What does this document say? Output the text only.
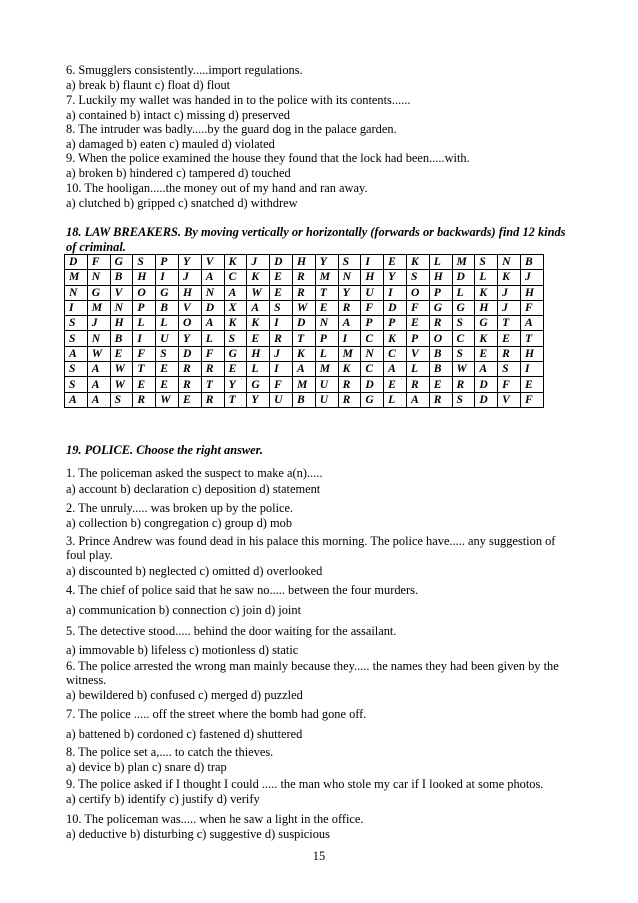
6. Smugglers consistently.....import regulations.
a) break b) flaunt c) float d) flout
7. Luckily my wallet was handed in to the police with its contents......
a) contained b) intact c) missing d) preserved
8. The intruder was badly.....by the guard dog in the palace garden.
a) damaged b) eaten c) mauled d) violated
9. When the police examined the house they found that the lock had been.....with.
a) broken b) hindered c) tampered d) touched
10. The hooligan.....the money out of my hand and ran away.
a) clutched b) gripped c) snatched d) withdrew
18. LAW BREAKERS. By moving vertically or horizontally (forwards or backwards) find 12 kinds of criminal.
D	F	G	S	P	Y	V	K	J	D	H	Y	S	I	E	K	L	M	S	N	B
M	N	B	H	I	J	A	C	K	E	R	M	N	H	Y	S	H	D	L	K	J
N	G	V	O	G	H	N	A	W	E	R	T	Y	U	I	O	P	L	K	J	H
I	M	N	P	B	V	D	X	A	S	W	E	R	F	D	F	G	G	H	J	F
S	J	H	L	L	O	A	K	K	I	D	N	A	P	P	E	R	S	G	T	A
S	N	B	I	U	Y	L	S	E	R	T	P	I	C	K	P	O	C	K	E	T
A	W	E	F	S	D	F	G	H	J	K	L	M	N	C	V	B	S	E	R	H
S	A	W	T	E	R	R	E	L	I	A	M	K	C	A	L	B	W	A	S	I
S	A	W	E	E	R	T	Y	G	F	M	U	R	D	E	R	E	R	D	F	E
A	A	S	R	W	E	R	T	Y	U	B	U	R	G	L	A	R	S	D	V	F
19. POLICE. Choose the right answer.
1. The policeman asked the suspect to make a(n).....
a) account b) declaration c) deposition d) statement
2. The unruly..... was broken up by the police.
a) collection b) congregation c) group d) mob
3. Prince Andrew was found dead in his palace this morning. The police have..... any suggestion of foul play.
a) discounted b) neglected c) omitted d) overlooked
4. The chief of police said that he saw no..... between the four murders.
a) communication b) connection c) join d) joint
5. The detective stood..... behind the door waiting for the assailant.
a) immovable b) lifeless c) motionless d) static
6. The police arrested the wrong man mainly because they..... the names they had been given by the witness.
a) bewildered b) confused c) merged d) puzzled
7. The police ..... off the street where the bomb had gone off.
a) battened b) cordoned c) fastened d) shuttered
8. The police set a,.... to catch the thieves.
a) device b) plan c) snare d) trap
9. The police asked if I thought I could ..... the man who stole my car if I looked at some photos.
a) certify b) identify c) justify d) verify
10. The policeman was..... when he saw a light in the office.
a) deductive b) disturbing c) suggestive d) suspicious
15
